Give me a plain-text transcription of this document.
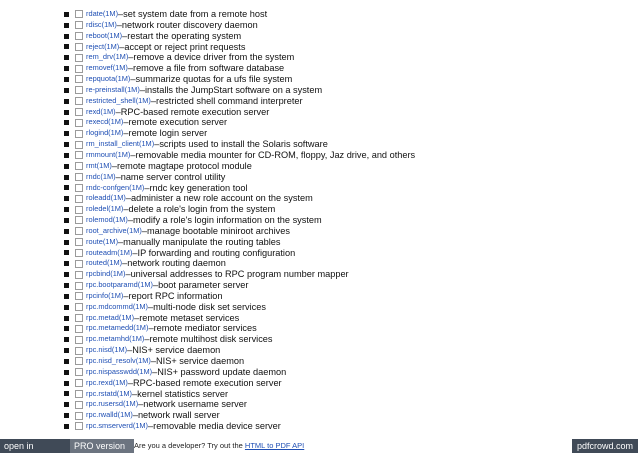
rdate(1M) – set system date from a remote host
rdisc(1M) – network router discovery daemon
reboot(1M) – restart the operating system
reject(1M) – accept or reject print requests
rem_drv(1M) – remove a device driver from the system
removef(1M) – remove a file from software database
repquota(1M) – summarize quotas for a ufs file system
re-preinstall(1M) – installs the JumpStart software on a system
restricted_shell(1M) – restricted shell command interpreter
rexd(1M) – RPC-based remote execution server
rexecd(1M) – remote execution server
rlogind(1M) – remote login server
rm_install_client(1M) – scripts used to install the Solaris software
rmmount(1M) – removable media mounter for CD-ROM, floppy, Jaz drive, and others
rmt(1M) – remote magtape protocol module
rndc(1M) – name server control utility
rndc-confgen(1M) – rndc key generation tool
roleadd(1M) – administer a new role account on the system
roledel(1M) – delete a role's login from the system
rolemod(1M) – modify a role's login information on the system
root_archive(1M) – manage bootable miniroot archives
route(1M) – manually manipulate the routing tables
routeadm(1M) – IP forwarding and routing configuration
routed(1M) – network routing daemon
rpcbind(1M) – universal addresses to RPC program number mapper
rpc.bootparamd(1M) – boot parameter server
rpcinfo(1M) – report RPC information
rpc.mdcommd(1M) – multi-node disk set services
rpc.metad(1M) – remote metaset services
rpc.metamedd(1M) – remote mediator services
rpc.metamhd(1M) – remote multihost disk services
rpc.nisd(1M) – NIS+ service daemon
rpc.nisd_resolv(1M) – NIS+ service daemon
rpc.nispasswdd(1M) – NIS+ password update daemon
rpc.rexd(1M) – RPC-based remote execution server
rpc.rstatd(1M) – kernel statistics server
rpc.rusersd(1M) – network username server
rpc.rwalld(1M) – network rwall server
rpc.smserverd(1M) – removable media device server
open in browser
PRO version	Are you a developer? Try out the HTML to PDF API	pdfcrowd.com
